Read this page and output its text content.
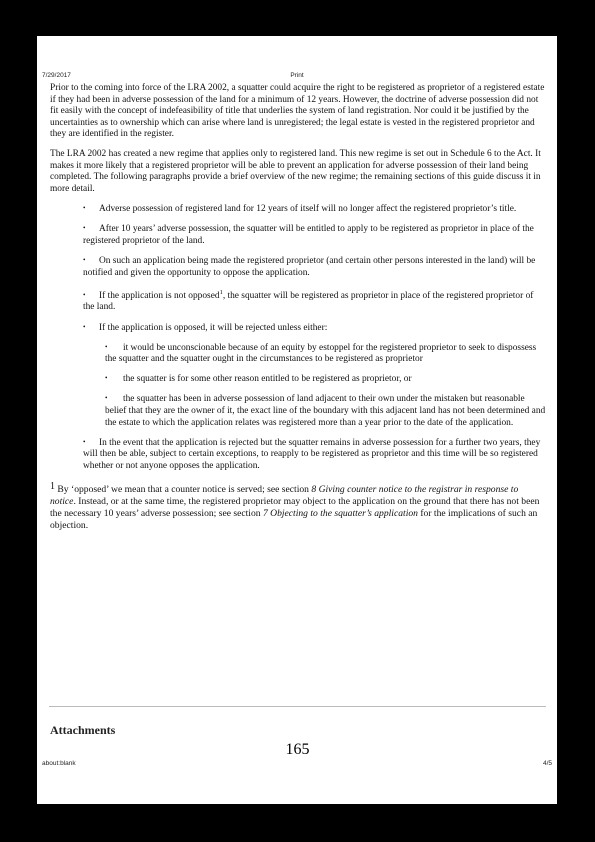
7/29/2017	Print

Prior to the coming into force of the LRA 2002, a squatter could acquire the right to be registered as proprietor of a registered estate if they had been in adverse possession of the land for a minimum of 12 years. However, the doctrine of adverse possession did not fit easily with the concept of indefeasibility of title that underlies the system of land registration. Nor could it be justified by the uncertainties as to ownership which can arise where land is unregistered; the legal estate is vested in the registered proprietor and they are identified in the register.

The LRA 2002 has created a new regime that applies only to registered land. This new regime is set out in Schedule 6 to the Act. It makes it more likely that a registered proprietor will be able to prevent an application for adverse possession of their land being completed. The following paragraphs provide a brief overview of the new regime; the remaining sections of this guide discuss it in more detail.

• Adverse possession of registered land for 12 years of itself will no longer affect the registered proprietor’s title.
• After 10 years’ adverse possession, the squatter will be entitled to apply to be registered as proprietor in place of the registered proprietor of the land.
• On such an application being made the registered proprietor (and certain other persons interested in the land) will be notified and given the opportunity to oppose the application.
• If the application is not opposed$^1$, the squatter will be registered as proprietor in place of the registered proprietor of the land.
• If the application is opposed, it will be rejected unless either:
• it would be unconscionable because of an equity by estoppel for the registered proprietor to seek to dispossess the squatter and the squatter ought in the circumstances to be registered as proprietor
• the squatter is for some other reason entitled to be registered as proprietor, or
• the squatter has been in adverse possession of land adjacent to their own under the mistaken but reasonable belief that they are the owner of it, the exact line of the boundary with this adjacent land has not been determined and the estate to which the application relates was registered more than a year prior to the date of the application.
• In the event that the application is rejected but the squatter remains in adverse possession for a further two years, they will then be able, subject to certain exceptions, to reapply to be registered as proprietor and this time will be so registered whether or not anyone opposes the application.
$^1$ By ‘opposed’ we mean that a counter notice is served; see section 8 Giving counter notice to the registrar in response to notice. Instead, or at the same time, the registered proprietor may object to the application on the ground that there has not been the necessary 10 years’ adverse possession; see section 7 Objecting to the squatter’s application for the implications of such an objection.
Attachments
about:blank	4/5
165
